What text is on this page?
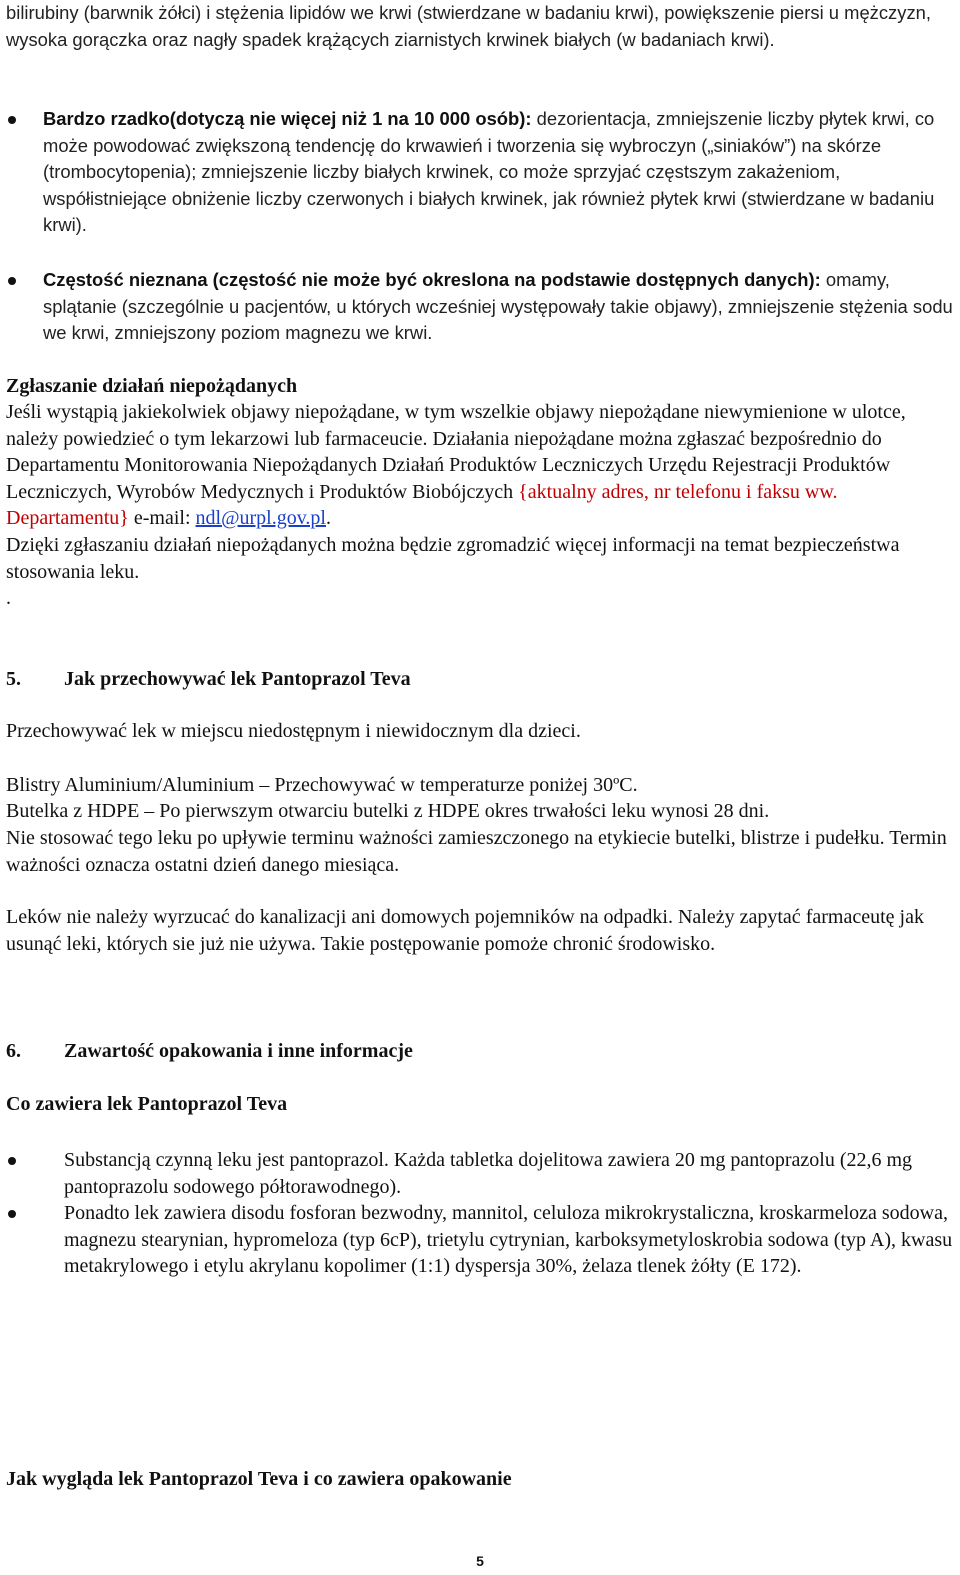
bilirubiny (barwnik żółci) i stężenia lipidów we krwi (stwierdzane w badaniu krwi), powiększenie piersi u mężczyzn, wysoka gorączka oraz nagły spadek krążących ziarnistych krwinek białych (w badaniach krwi).

Bardzo rzadko(dotyczą nie więcej niż 1 na 10 000 osób): dezorientacja, zmniejszenie liczby płytek krwi, co może powodować zwiększoną tendencję do krwawień i tworzenia się wybroczyn („siniaków”) na skórze (trombocytopenia); zmniejszenie liczby białych krwinek, co może sprzyjać częstszym zakażeniom, współistniejące obniżenie liczby czerwonych i białych krwinek, jak również płytek krwi (stwierdzane w badaniu krwi).

Częstość nieznana (częstość nie może być okreslona na podstawie dostępnych danych): omamy, splątanie (szczególnie u pacjentów, u których wcześniej występowały takie objawy), zmniejszenie stężenia sodu we krwi, zmniejszony poziom magnezu we krwi.

Zgłaszanie działań niepożądanych

Jeśli wystąpią jakiekolwiek objawy niepożądane, w tym wszelkie objawy niepożądane niewymienione w ulotce, należy powiedzieć o tym lekarzowi lub farmaceucie. Działania niepożądane można zgłaszać bezpośrednio do Departamentu Monitorowania Niepożądanych Działań Produktów Leczniczych Urzędu Rejestracji Produktów Leczniczych, Wyrobów Medycznych i Produktów Biobójczych {aktualny adres, nr telefonu i faksu ww. Departamentu} e-mail: ndl@urpl.gov.pl.

Dzięki zgłaszaniu działań niepożądanych można będzie zgromadzić więcej informacji na temat bezpieczeństwa stosowania leku.

.

5. Jak przechowywać lek Pantoprazol Teva

Przechowywać lek w miejscu niedostępnym i niewidocznym dla dzieci.

Blistry Aluminium/Aluminium – Przechowywać w temperaturze poniżej 30ºC.

Butelka z HDPE – Po pierwszym otwarciu butelki z HDPE okres trwałości leku wynosi 28 dni.

Nie stosować tego leku po upływie terminu ważności zamieszczonego na etykiecie butelki, blistrze i pudełku. Termin ważności oznacza ostatni dzień danego miesiąca.

Leków nie należy wyrzucać do kanalizacji ani domowych pojemników na odpadki. Należy zapytać farmaceutę jak usunąć leki, których sie już nie używa. Takie postępowanie pomoże chronić środowisko.

6. Zawartość opakowania i inne informacje

Co zawiera lek Pantoprazol Teva

Substancją czynną leku jest pantoprazol. Każda tabletka dojelitowa zawiera 20 mg pantoprazolu (22,6 mg pantoprazolu sodowego półtorawodnego).

Ponadto lek zawiera disodu fosforan bezwodny, mannitol, celuloza mikrokrystaliczna, kroskarmeloza sodowa, magnezu stearynian, hypromeloza (typ 6cP), trietylu cytrynian, karboksymetyloskrobia sodowa (typ A), kwasu metakrylowego i etylu akrylanu kopolimer (1:1) dyspersja 30%, żelaza tlenek żółty (E 172).

Jak wygląda lek Pantoprazol Teva i co zawiera opakowanie

5
